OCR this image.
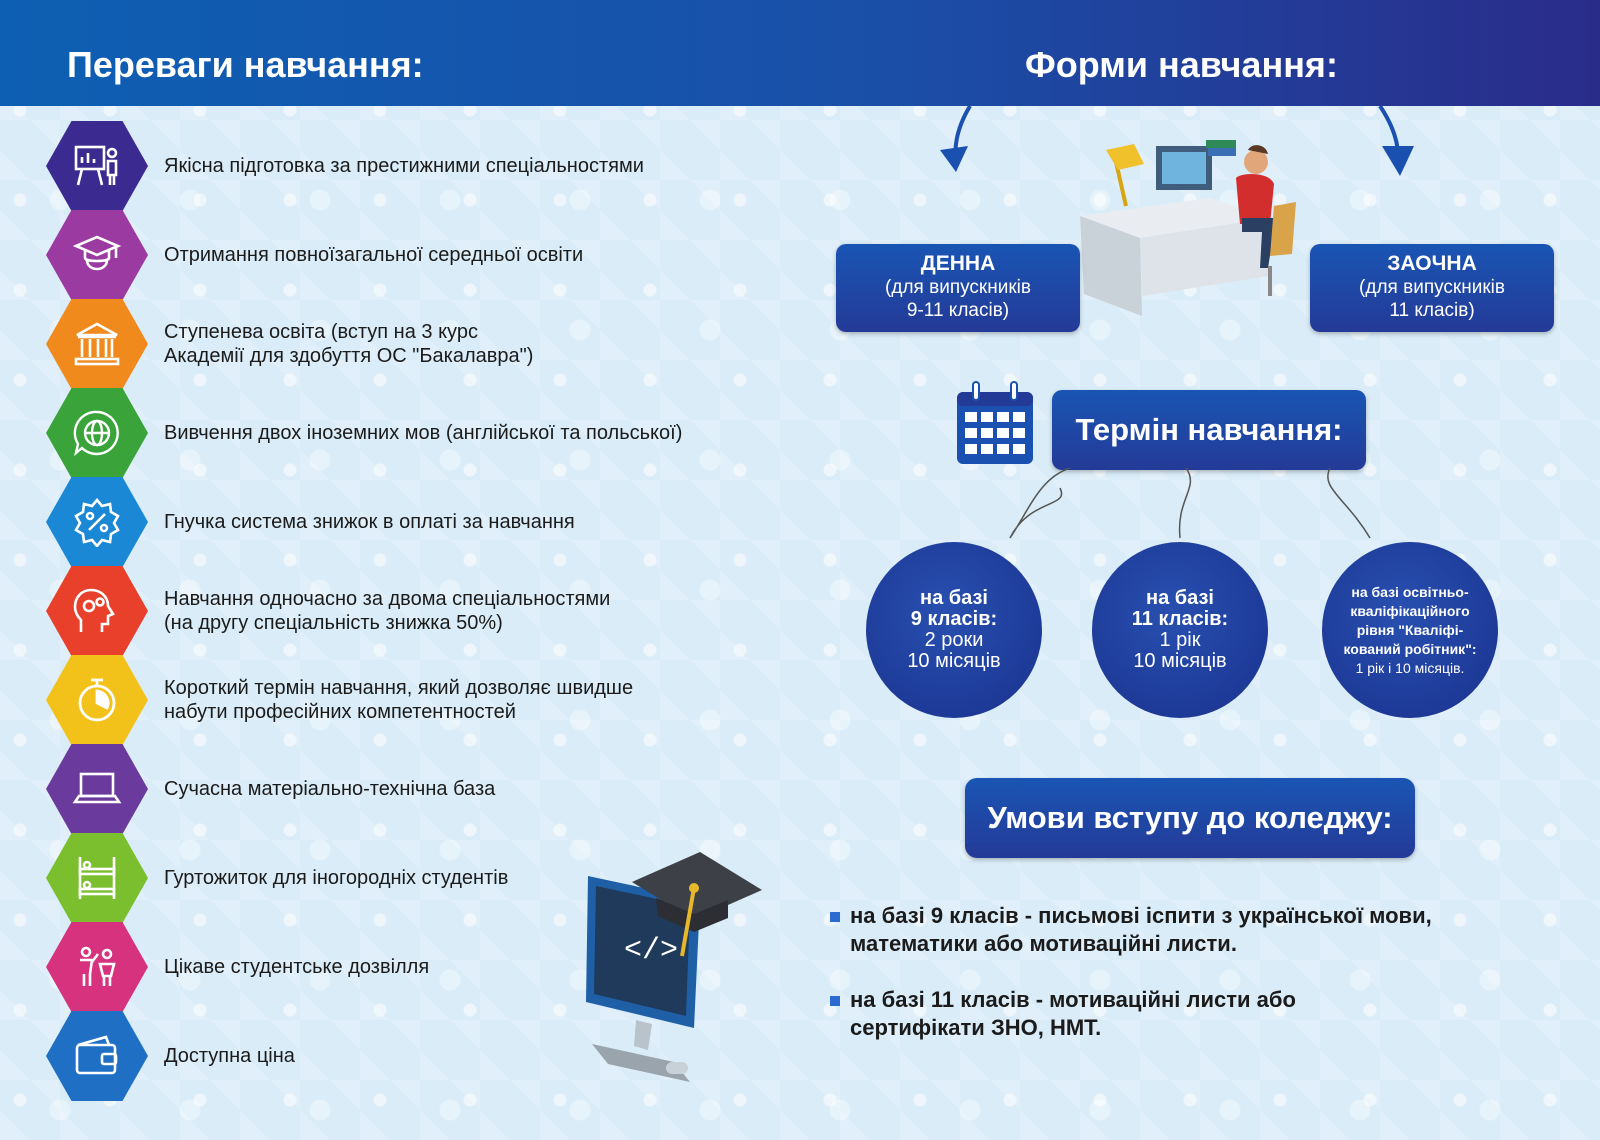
Переваги навчання:	Форми навчання:
Якісна підготовка за престижними спеціальностями
Отримання повноїзагальної середньої освіти
Ступенева освіта (вступ на 3 курс
Академії для здобуття ОС "Бакалавра")
Вивчення двох іноземних мов (англійської та польської)
Гнучка система знижок в оплаті за навчання
Навчання одночасно за двома спеціальностями
(на другу спеціальність знижка 50%)
Короткий термін навчання, який дозволяє швидше
набути професійних компетентностей
Сучасна матеріально-технічна база
Гуртожиток для іногородніх студентів
Цікаве студентське дозвілля
Доступна ціна
</>
ДЕННА
(для випускників
9-11 класів)
ЗАОЧНА
(для випускників
11 класів)
Термін навчання:
на базі
9 класів:
2 роки
10 місяців
на базі
11 класів:
1 рік
10 місяців
на базі освітньо-
кваліфікаційного
рівня "Кваліфі-
кований робітник":
1 рік і 10 місяців.
Умови вступу до коледжу:
на базі 9 класів - письмові іспити з української мови,
математики або мотиваційні листи.
на базі 11 класів - мотиваційні листи або
сертифікати ЗНО, НМТ.
